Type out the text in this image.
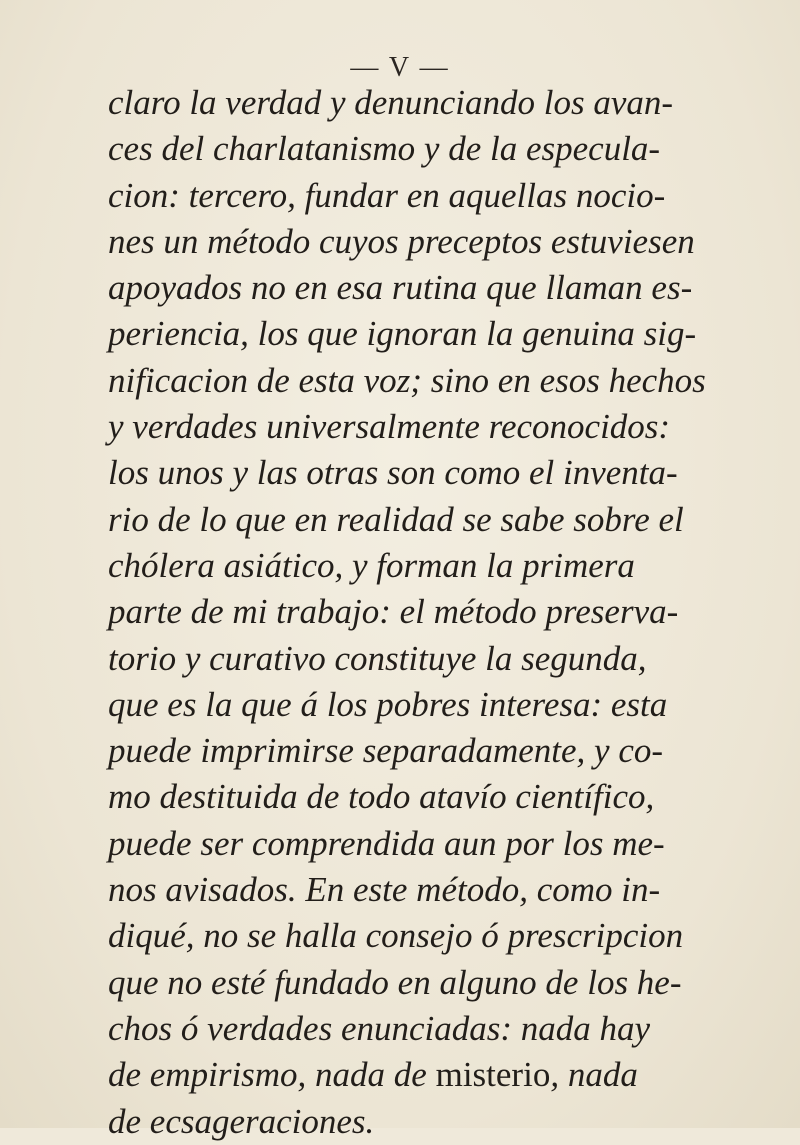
— V —
claro la verdad y denunciando los avan-
ces del charlatanismo y de la especula-
cion: tercero, fundar en aquellas nocio-
nes un método cuyos preceptos estuviesen
apoyados no en esa rutina que llaman es-
periencia, los que ignoran la genuina sig-
nificacion de esta voz; sino en esos hechos
y verdades universalmente reconocidos:
los unos y las otras son como el inventa-
rio de lo que en realidad se sabe sobre el
chólera asiático, y forman la primera
parte de mi trabajo: el método preserva-
torio y curativo constituye la segunda,
que es la que á los pobres interesa: esta
puede imprimirse separadamente, y co-
mo destituida de todo atavío científico,
puede ser comprendida aun por los me-
nos avisados. En este método, como in-
diqué, no se halla consejo ó prescripcion
que no esté fundado en alguno de los he-
chos ó verdades enunciadas: nada hay
de empirismo, nada de misterio, nada
de ecsageraciones.
